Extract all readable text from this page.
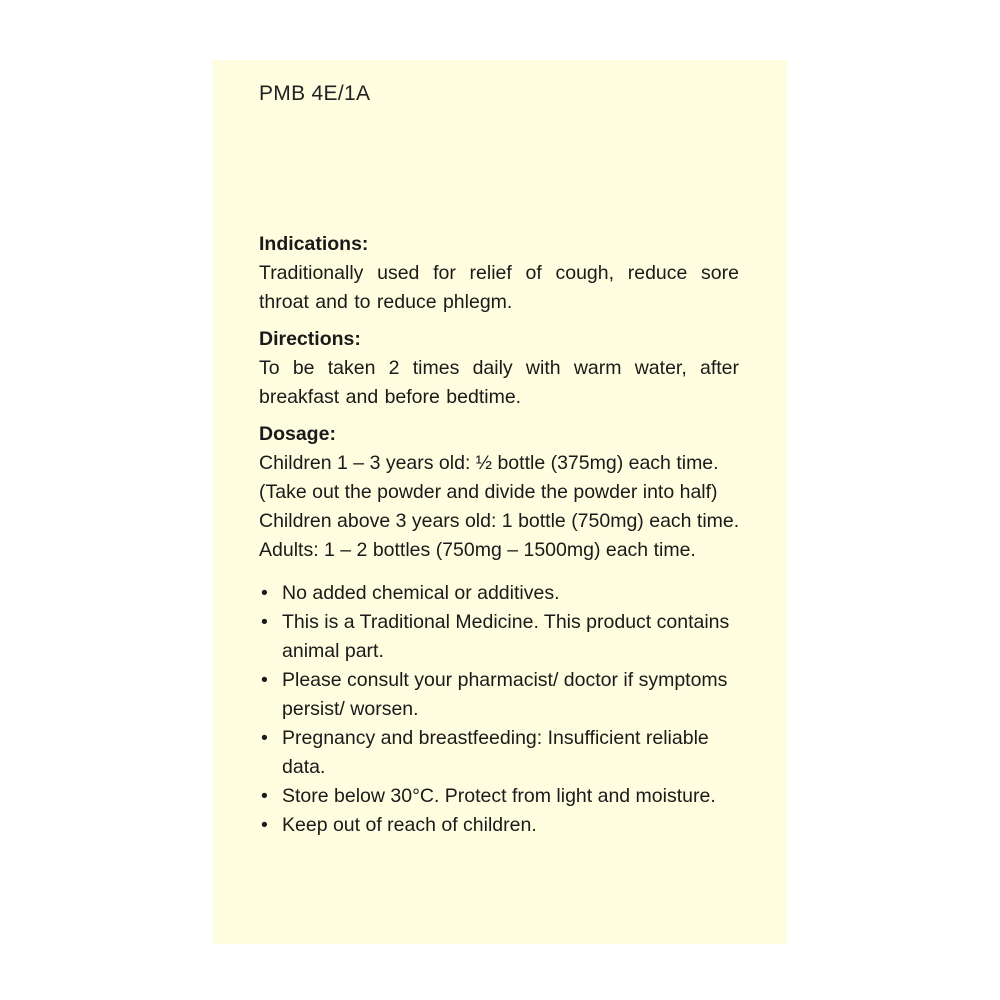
PMB 4E/1A
Indications:
Traditionally used for relief of cough, reduce sore throat and to reduce phlegm.
Directions:
To be taken 2 times daily with warm water, after breakfast and before bedtime.
Dosage:
Children 1 – 3 years old: ½ bottle (375mg) each time.
(Take out the powder and divide the powder into half)
Children above 3 years old: 1 bottle (750mg) each time.
Adults: 1 – 2 bottles (750mg – 1500mg) each time.
• No added chemical or additives.
• This is a Traditional Medicine. This product contains animal part.
• Please consult your pharmacist/ doctor if symptoms persist/ worsen.
• Pregnancy and breastfeeding: Insufficient reliable data.
• Store below 30°C. Protect from light and moisture.
• Keep out of reach of children.
